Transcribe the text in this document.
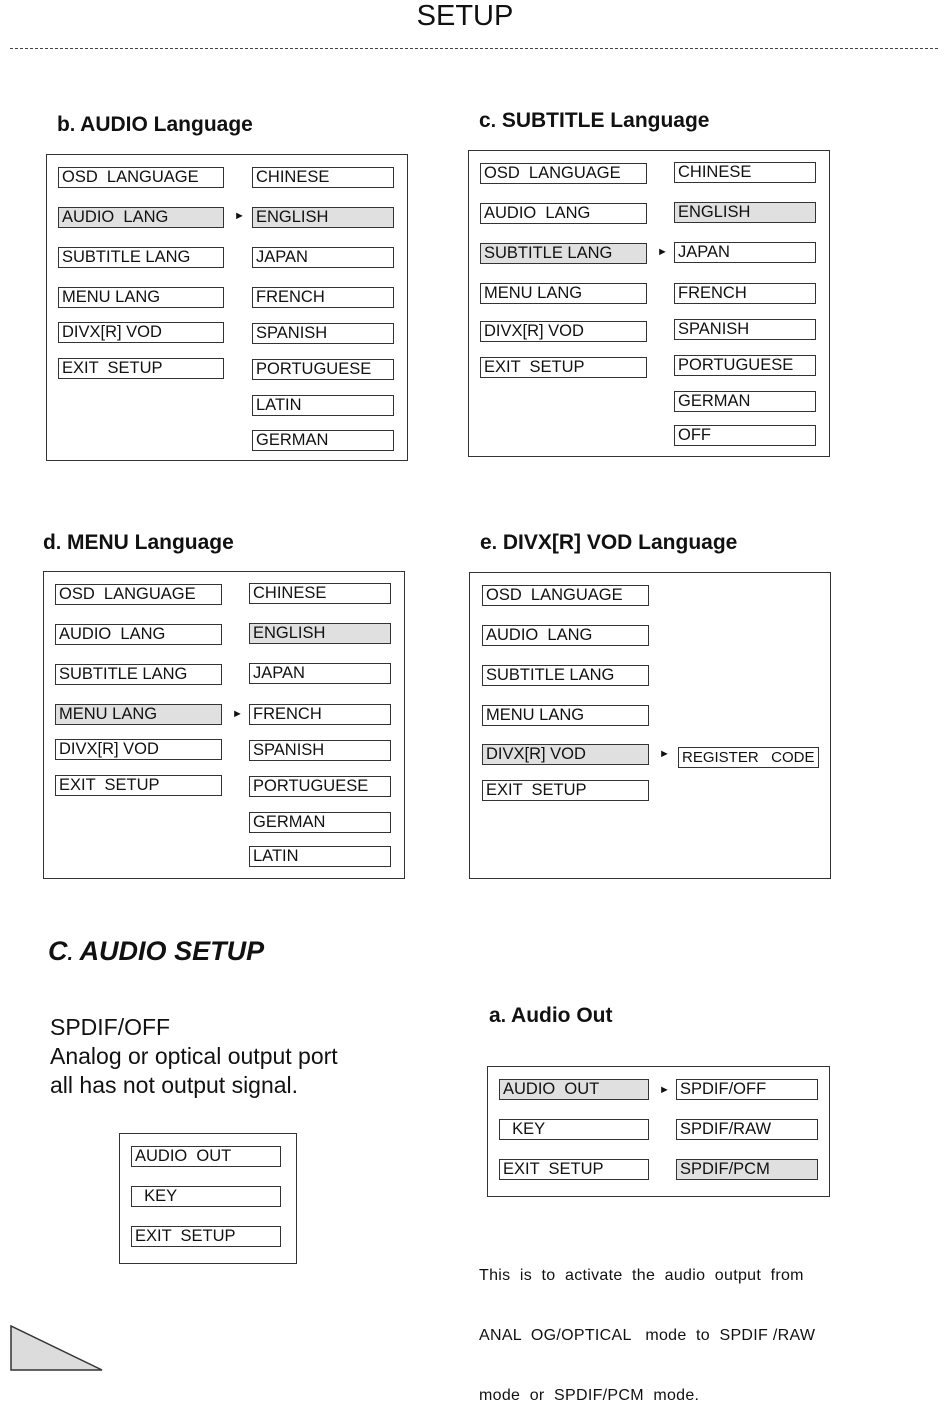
SETUP
b. AUDIO Language
OSD  LANGUAGE
AUDIO  LANG
SUBTITLE LANG
MENU LANG
DIVX[R] VOD
EXIT  SETUP
►
CHINESE
ENGLISH
JAPAN
FRENCH
SPANISH
PORTUGUESE
LATIN
GERMAN
c. SUBTITLE Language
OSD  LANGUAGE
AUDIO  LANG
SUBTITLE LANG
MENU LANG
DIVX[R] VOD
EXIT  SETUP
►
CHINESE
ENGLISH
JAPAN
FRENCH
SPANISH
PORTUGUESE
GERMAN
OFF
d. MENU Language
OSD  LANGUAGE
AUDIO  LANG
SUBTITLE LANG
MENU LANG
DIVX[R] VOD
EXIT  SETUP
►
CHINESE
ENGLISH
JAPAN
FRENCH
SPANISH
PORTUGUESE
GERMAN
LATIN
e. DIVX[R] VOD Language
OSD  LANGUAGE
AUDIO  LANG
SUBTITLE LANG
MENU LANG
DIVX[R] VOD
EXIT  SETUP
► REGISTER   CODE
C. AUDIO SETUP
SPDIF/OFF
Analog or optical output port
all has not output signal.
AUDIO  OUT
KEY
EXIT  SETUP
a. Audio Out
AUDIO  OUT
KEY
EXIT  SETUP
► SPDIF/OFF
SPDIF/RAW
SPDIF/PCM

This  is  to  activate  the  audio  output  from

ANAL  OG/OPTICAL   mode  to  SPDIF /RAW

mode  or  SPDIF/PCM  mode.
